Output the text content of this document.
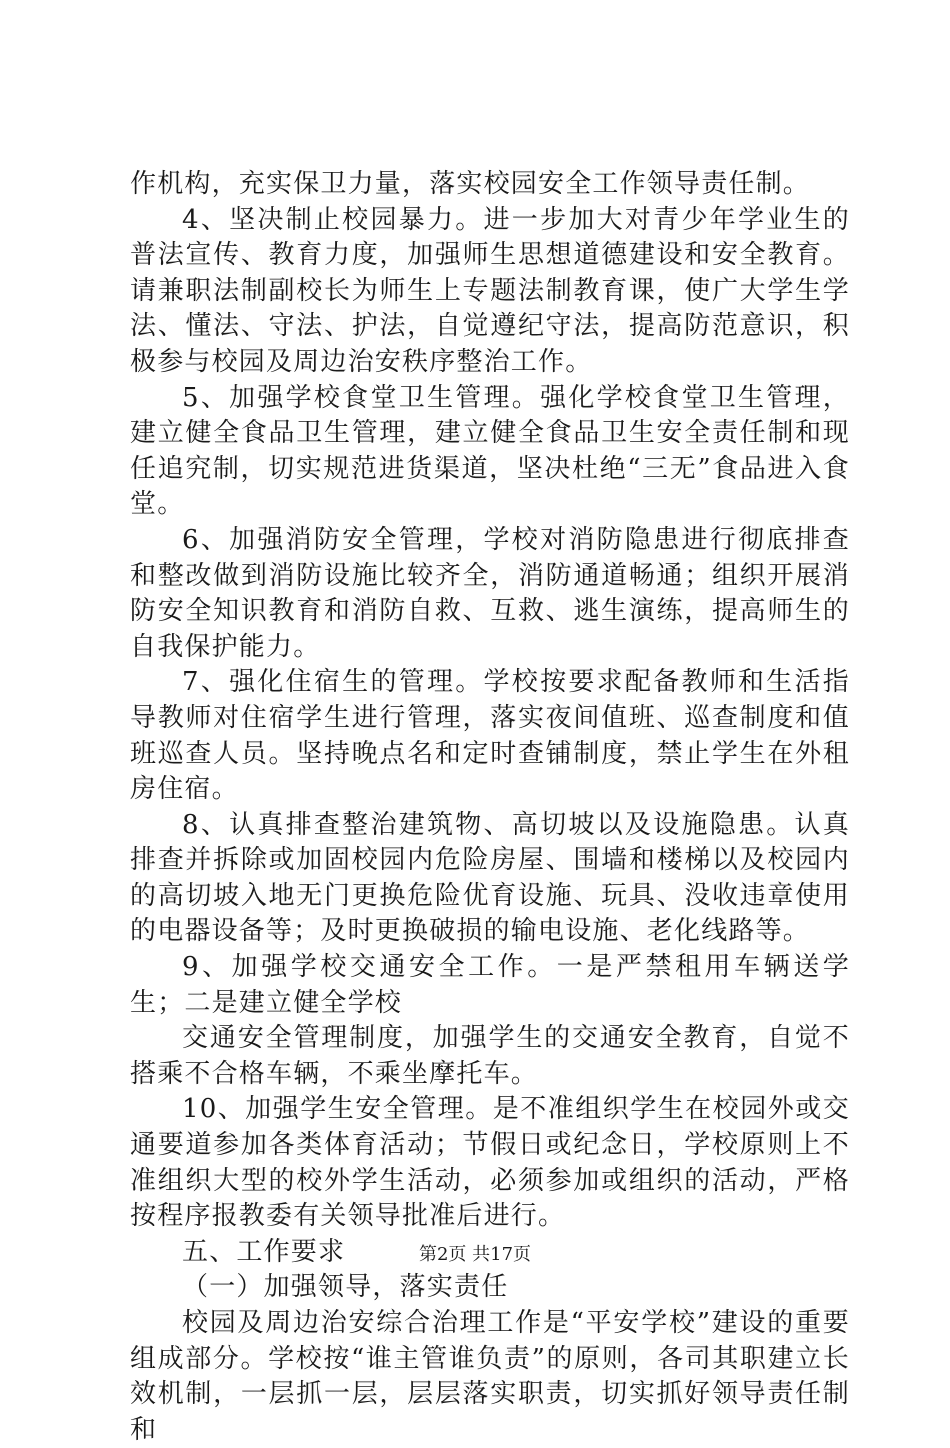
作机构，充实保卫力量，落实校园安全工作领导责任制。

4、坚决制止校园暴力。进一步加大对青少年学业生的普法宣传、教育力度，加强师生思想道德建设和安全教育。请兼职法制副校长为师生上专题法制教育课，使广大学生学法、懂法、守法、护法，自觉遵纪守法，提高防范意识，积极参与校园及周边治安秩序整治工作。

5、加强学校食堂卫生管理。强化学校食堂卫生管理，建立健全食品卫生管理，建立健全食品卫生安全责任制和现任追究制，切实规范进货渠道，坚决杜绝“三无”食品进入食堂。

6、加强消防安全管理，学校对消防隐患进行彻底排查和整改做到消防设施比较齐全，消防通道畅通；组织开展消防安全知识教育和消防自救、互救、逃生演练，提高师生的自我保护能力。

7、强化住宿生的管理。学校按要求配备教师和生活指导教师对住宿学生进行管理，落实夜间值班、巡查制度和值班巡查人员。坚持晚点名和定时查铺制度，禁止学生在外租房住宿。

8、认真排查整治建筑物、高切坡以及设施隐患。认真排查并拆除或加固校园内危险房屋、围墙和楼梯以及校园内的高切坡入地无门更换危险优育设施、玩具、没收违章使用的电器设备等；及时更换破损的输电设施、老化线路等。

9、加强学校交通安全工作。一是严禁租用车辆送学生；二是建立健全学校

交通安全管理制度，加强学生的交通安全教育，自觉不搭乘不合格车辆，不乘坐摩托车。

10、加强学生安全管理。是不准组织学生在校园外或交通要道参加各类体育活动；节假日或纪念日，学校原则上不准组织大型的校外学生活动，必须参加或组织的活动，严格按程序报教委有关领导批准后进行。

五、工作要求

（一）加强领导，落实责任

校园及周边治安综合治理工作是“平安学校”建设的重要组成部分。学校按“谁主管谁负责”的原则，各司其职建立长效机制，一层抓一层，层层落实职责，切实抓好领导责任制和

第2页 共17页
